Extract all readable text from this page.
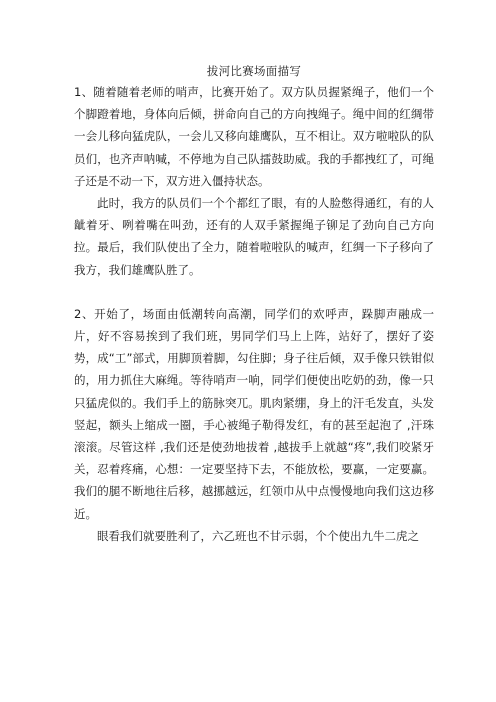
拔河比赛场面描写

1、随着随着老师的哨声，比赛开始了。双方队员握紧绳子，他们一个个脚蹬着地，身体向后倾，拼命向自己的方向拽绳子。绳中间的红绸带一会儿移向猛虎队，一会儿又移向雄鹰队，互不相让。双方啦啦队的队员们，也齐声呐喊，不停地为自己队擂鼓助威。我的手都拽红了，可绳子还是不动一下，双方进入僵持状态。

此时，我方的队员们一个个都红了眼，有的人脸憋得通红，有的人龇着牙、咧着嘴在叫劲，还有的人双手紧握绳子铆足了劲向自己方向拉。最后，我们队使出了全力，随着啦啦队的喊声，红绸一下子移向了我方，我们雄鹰队胜了。

2、开始了，场面由低潮转向高潮，同学们的欢呼声，跺脚声融成一片，好不容易挨到了我们班，男同学们马上上阵，站好了，摆好了姿势，成“工”部式，用脚顶着脚，勾住脚；身子往后倾，双手像只铁钳似的，用力抓住大麻绳。等待哨声一响，同学们便使出吃奶的劲，像一只只猛虎似的。我们手上的筋脉突兀。肌肉紧绷，身上的汗毛发直，头发竖起，额头上缩成一圈，手心被绳子勒得发红，有的甚至起泡了 ,汗珠滚滚。尽管这样 ,我们还是使劲地拔着 ,越拔手上就越“疼”,我们咬紧牙关，忍着疼痛，心想：一定要坚持下去，不能放松，要赢，一定要赢。我们的腿不断地往后移，越挪越远，红领巾从中点慢慢地向我们这边移近。

眼看我们就要胜利了，六乙班也不甘示弱，个个使出九牛二虎之
